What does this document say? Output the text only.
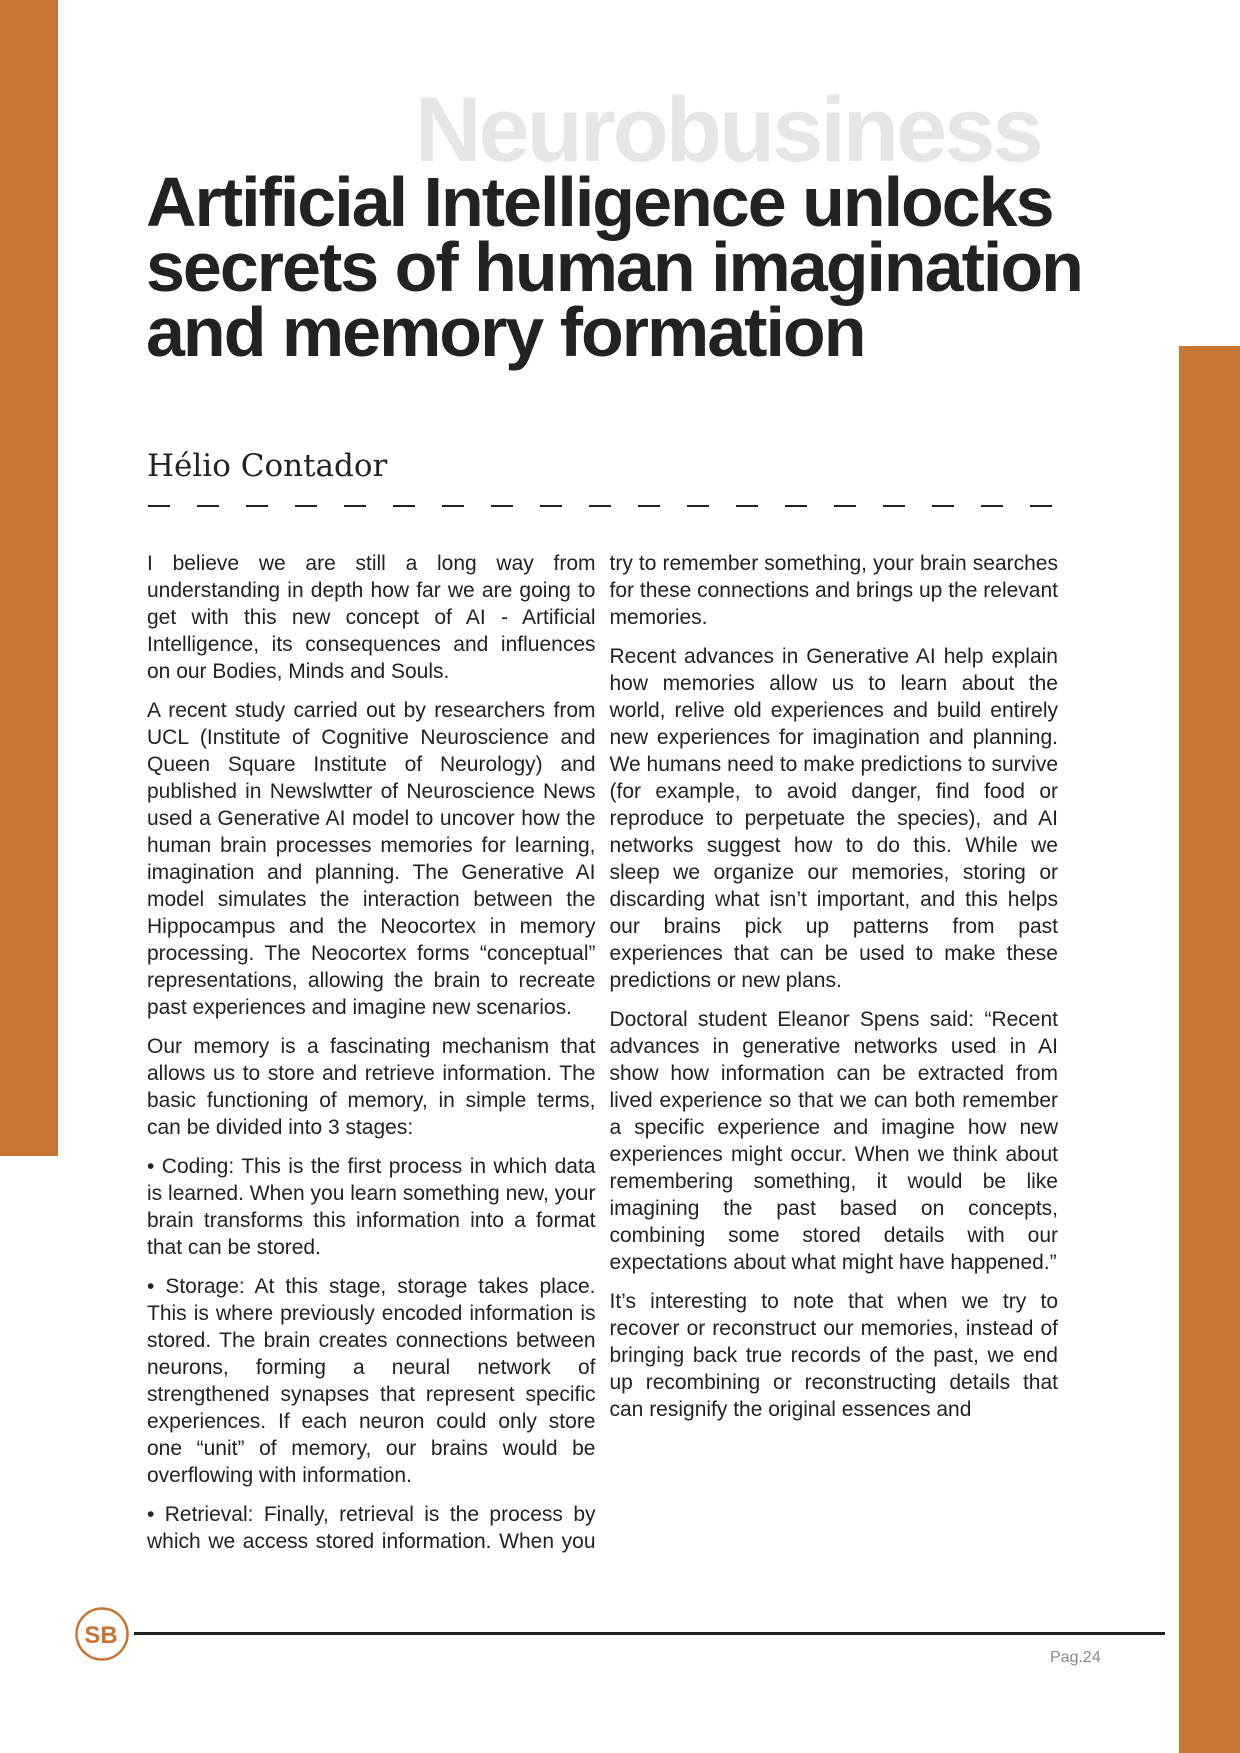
Neurobusiness
Artificial Intelligence unlocks secrets of human imagination and memory formation
Hélio Contador

I believe we are still a long way from understanding in depth how far we are going to get with this new concept of AI - Artificial Intelligence, its consequences and influences on our Bodies, Minds and Souls.

A recent study carried out by researchers from UCL (Institute of Cognitive Neuroscience and Queen Square Institute of Neurology) and published in Newslwtter of Neuroscience News used a Generative AI model to uncover how the human brain processes memories for learning, imagination and planning. The Generative AI model simulates the interaction between the Hippocampus and the Neocortex in memory processing. The Neocortex forms “conceptual” representations, allowing the brain to recreate past experiences and imagine new scenarios.

Our memory is a fascinating mechanism that allows us to store and retrieve information. The basic functioning of memory, in simple terms, can be divided into 3 stages:

• Coding: This is the first process in which data is learned. When you learn something new, your brain transforms this information into a format that can be stored.

• Storage: At this stage, storage takes place. This is where previously encoded information is stored. The brain creates connections between neurons, forming a neural network of strengthened synapses that represent specific experiences. If each neuron could only store one “unit” of memory, our brains would be overflowing with information.

• Retrieval: Finally, retrieval is the process by which we access stored information. When you try to remember something, your brain searches for these connections and brings up the relevant memories.

Recent advances in Generative AI help explain how memories allow us to learn about the world, relive old experiences and build entirely new experiences for imagination and planning. We humans need to make predictions to survive (for example, to avoid danger, find food or reproduce to perpetuate the species), and AI networks suggest how to do this. While we sleep we organize our memories, storing or discarding what isn’t important, and this helps our brains pick up patterns from past experiences that can be used to make these predictions or new plans.

Doctoral student Eleanor Spens said: “Recent advances in generative networks used in AI show how information can be extracted from lived experience so that we can both remember a specific experience and imagine how new experiences might occur. When we think about remembering something, it would be like imagining the past based on concepts, combining some stored details with our expectations about what might have happened.”

It’s interesting to note that when we try to recover or reconstruct our memories, instead of bringing back true records of the past, we end up recombining or reconstructing details that can resignify the original essences and

SB
Pag.24
